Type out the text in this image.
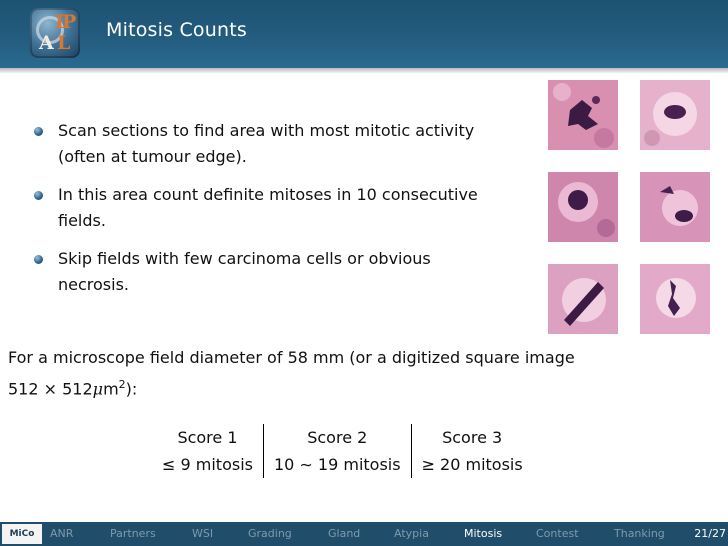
I
P
A L
Mitosis Counts
Scan sections to find area with most mitotic activity
(often at tumour edge).
In this area count definite mitoses in 10 consecutive
fields.
Skip fields with few carcinoma cells or obvious
necrosis.
For a microscope field diameter of 58 mm (or a digitized square image
$512 \times 512\mu m^2$):
Score 1	Score 2	Score 3
≤ 9 mitosis	10 ∼ 19 mitosis	≥ 20 mitosis
MiCo	ANR	Partners	WSI	Grading	Gland	Atypia	Mitosis	Contest	Thanking	21/27
